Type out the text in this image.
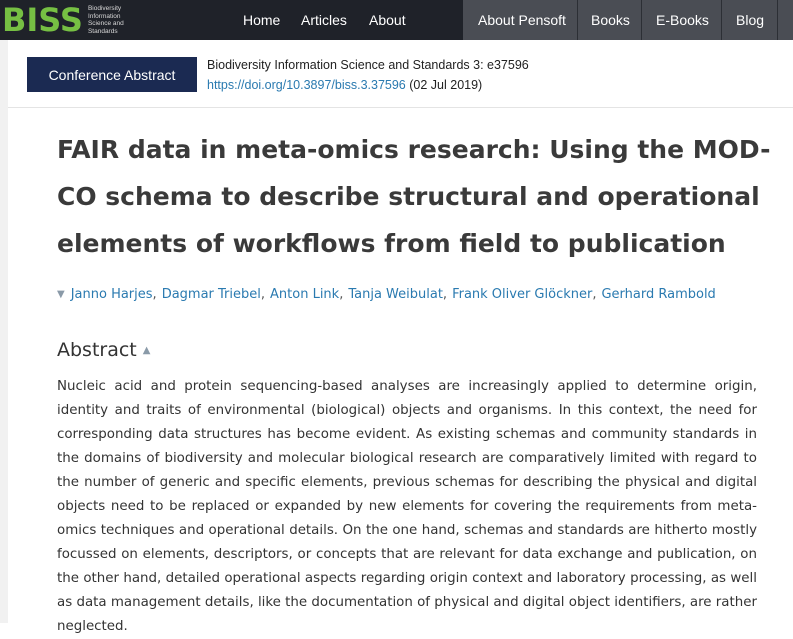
BISS Biodiversity Information Science and Standards
Home Articles About	About Pensoft Books E-Books Blog
Conference Abstract
Biodiversity Information Science and Standards 3: e37596
https://doi.org/10.3897/biss.3.37596 (02 Jul 2019)
FAIR data in meta-omics research: Using the MOD-CO schema to describe structural and operational elements of workflows from field to publication
▼ Janno Harjes , Dagmar Triebel , Anton Link , Tanja Weibulat , Frank Oliver Glöckner , Gerhard Rambold
Abstract ▲

Nucleic acid and protein sequencing-based analyses are increasingly applied to determine origin, identity and traits of environmental (biological) objects and organisms. In this context, the need for corresponding data structures has become evident. As existing schemas and community standards in the domains of biodiversity and molecular biological research are comparatively limited with regard to the number of generic and specific elements, previous schemas for describing the physical and digital objects need to be replaced or expanded by new elements for covering the requirements from meta-omics techniques and operational details. On the one hand, schemas and standards are hitherto mostly focussed on elements, descriptors, or concepts that are relevant for data exchange and publication, on the other hand, detailed operational aspects regarding origin context and laboratory processing, as well as data management details, like the documentation of physical and digital object identifiers, are rather neglected.
